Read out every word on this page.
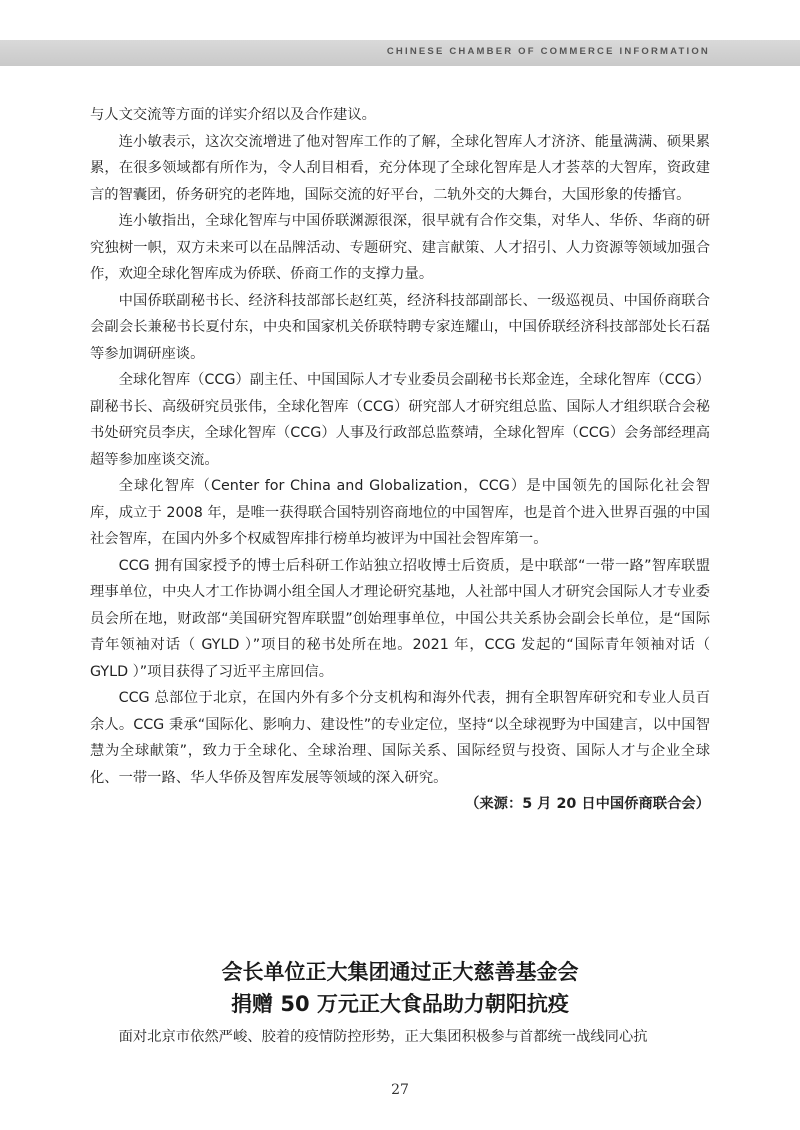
CHINESE CHAMBER OF COMMERCE INFORMATION

与人文交流等方面的详实介绍以及合作建议。

连小敏表示，这次交流增进了他对智库工作的了解，全球化智库人才济济、能量满满、硕果累累，在很多领域都有所作为，令人刮目相看，充分体现了全球化智库是人才荟萃的大智库，资政建言的智囊团，侨务研究的老阵地，国际交流的好平台，二轨外交的大舞台，大国形象的传播官。

连小敏指出，全球化智库与中国侨联渊源很深，很早就有合作交集，对华人、华侨、华商的研究独树一帜，双方未来可以在品牌活动、专题研究、建言献策、人才招引、人力资源等领域加强合作，欢迎全球化智库成为侨联、侨商工作的支撑力量。

中国侨联副秘书长、经济科技部部长赵红英，经济科技部副部长、一级巡视员、中国侨商联合会副会长兼秘书长夏付东，中央和国家机关侨联特聘专家连耀山，中国侨联经济科技部部处长石磊等参加调研座谈。

全球化智库（CCG）副主任、中国国际人才专业委员会副秘书长郑金连，全球化智库（CCG）副秘书长、高级研究员张伟，全球化智库（CCG）研究部人才研究组总监、国际人才组织联合会秘书处研究员李庆，全球化智库（CCG）人事及行政部总监蔡靖，全球化智库（CCG）会务部经理高超等参加座谈交流。

全球化智库（Center for China and Globalization，CCG）是中国领先的国际化社会智库，成立于 2008 年，是唯一获得联合国特别咨商地位的中国智库，也是首个进入世界百强的中国社会智库，在国内外多个权威智库排行榜单均被评为中国社会智库第一。

CCG 拥有国家授予的博士后科研工作站独立招收博士后资质，是中联部“一带一路”智库联盟理事单位，中央人才工作协调小组全国人才理论研究基地，人社部中国人才研究会国际人才专业委员会所在地，财政部“美国研究智库联盟”创始理事单位，中国公共关系协会副会长单位，是“国际青年领袖对话（ GYLD ）”项目的秘书处所在地。2021 年，CCG 发起的“国际青年领袖对话（ GYLD ）”项目获得了习近平主席回信。

CCG 总部位于北京，在国内外有多个分支机构和海外代表，拥有全职智库研究和专业人员百余人。CCG 秉承“国际化、影响力、建设性”的专业定位，坚持“以全球视野为中国建言，以中国智慧为全球献策”，致力于全球化、全球治理、国际关系、国际经贸与投资、国际人才与企业全球化、一带一路、华人华侨及智库发展等领域的深入研究。

（来源：5 月 20 日中国侨商联合会）

会长单位正大集团通过正大慈善基金会
捐赠 50 万元正大食品助力朝阳抗疫

面对北京市依然严峻、胶着的疫情防控形势，正大集团积极参与首都统一战线同心抗

27
